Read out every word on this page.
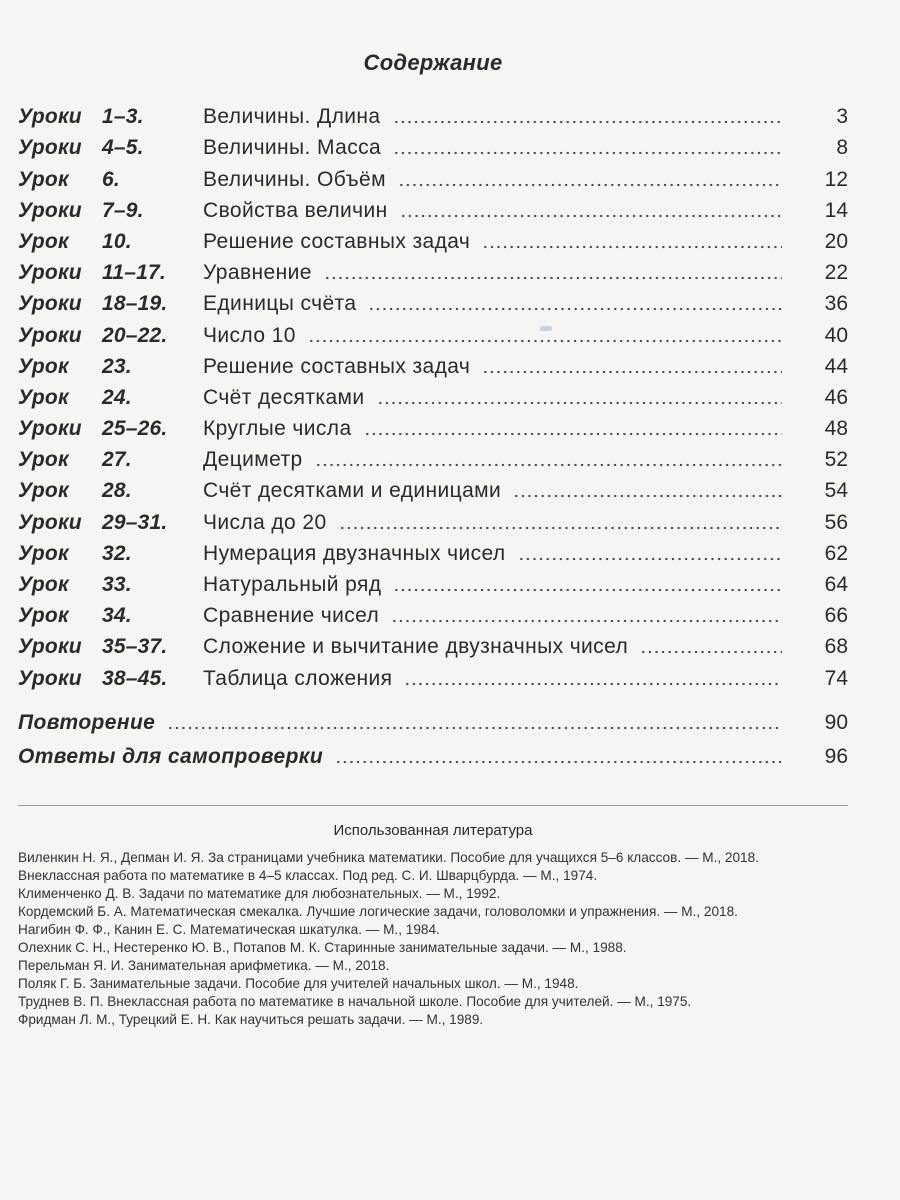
Содержание
Уроки 1–3.	Величины. Длина	3
Уроки 4–5.	Величины. Масса	8
Урок	6.	Величины. Объём	12
Уроки 7–9.	Свойства величин	14
Урок	10.	Решение составных задач	20
Уроки 11–17. Уравнение	22
Уроки 18–19. Единицы счёта	36
Уроки 20–22. Число 10	40
Урок	23.	Решение составных задач	44
Урок	24.	Счёт десятками	46
Уроки 25–26. Круглые числа	48
Урок	27.	Дециметр	52
Урок	28.	Счёт десятками и единицами	54
Уроки 29–31. Числа до 20	56
Урок	32.	Нумерация двузначных чисел	62
Урок	33.	Натуральный ряд	64
Урок	34.	Сравнение чисел	66
Уроки 35–37. Сложение и вычитание двузначных чисел	68
Уроки 38–45. Таблица сложения	74
Повторение	90
Ответы для самопроверки	96
Использованная литература
Виленкин Н. Я., Депман И. Я. За страницами учебника математики. Пособие для учащихся 5–6 классов. — М., 2018.
Внеклассная работа по математике в 4–5 классах. Под ред. С. И. Шварцбурда. — М., 1974.
Клименченко Д. В. Задачи по математике для любознательных. — М., 1992.
Кордемский Б. А. Математическая смекалка. Лучшие логические задачи, головоломки и упражнения. — М., 2018.
Нагибин Ф. Ф., Канин Е. С. Математическая шкатулка. — М., 1984.
Олехник С. Н., Нестеренко Ю. В., Потапов М. К. Старинные занимательные задачи. — М., 1988.
Перельман Я. И. Занимательная арифметика. — М., 2018.
Поляк Г. Б. Занимательные задачи. Пособие для учителей начальных школ. — М., 1948.
Труднев В. П. Внеклассная работа по математике в начальной школе. Пособие для учителей. — М., 1975.
Фридман Л. М., Турецкий Е. Н. Как научиться решать задачи. — М., 1989.
